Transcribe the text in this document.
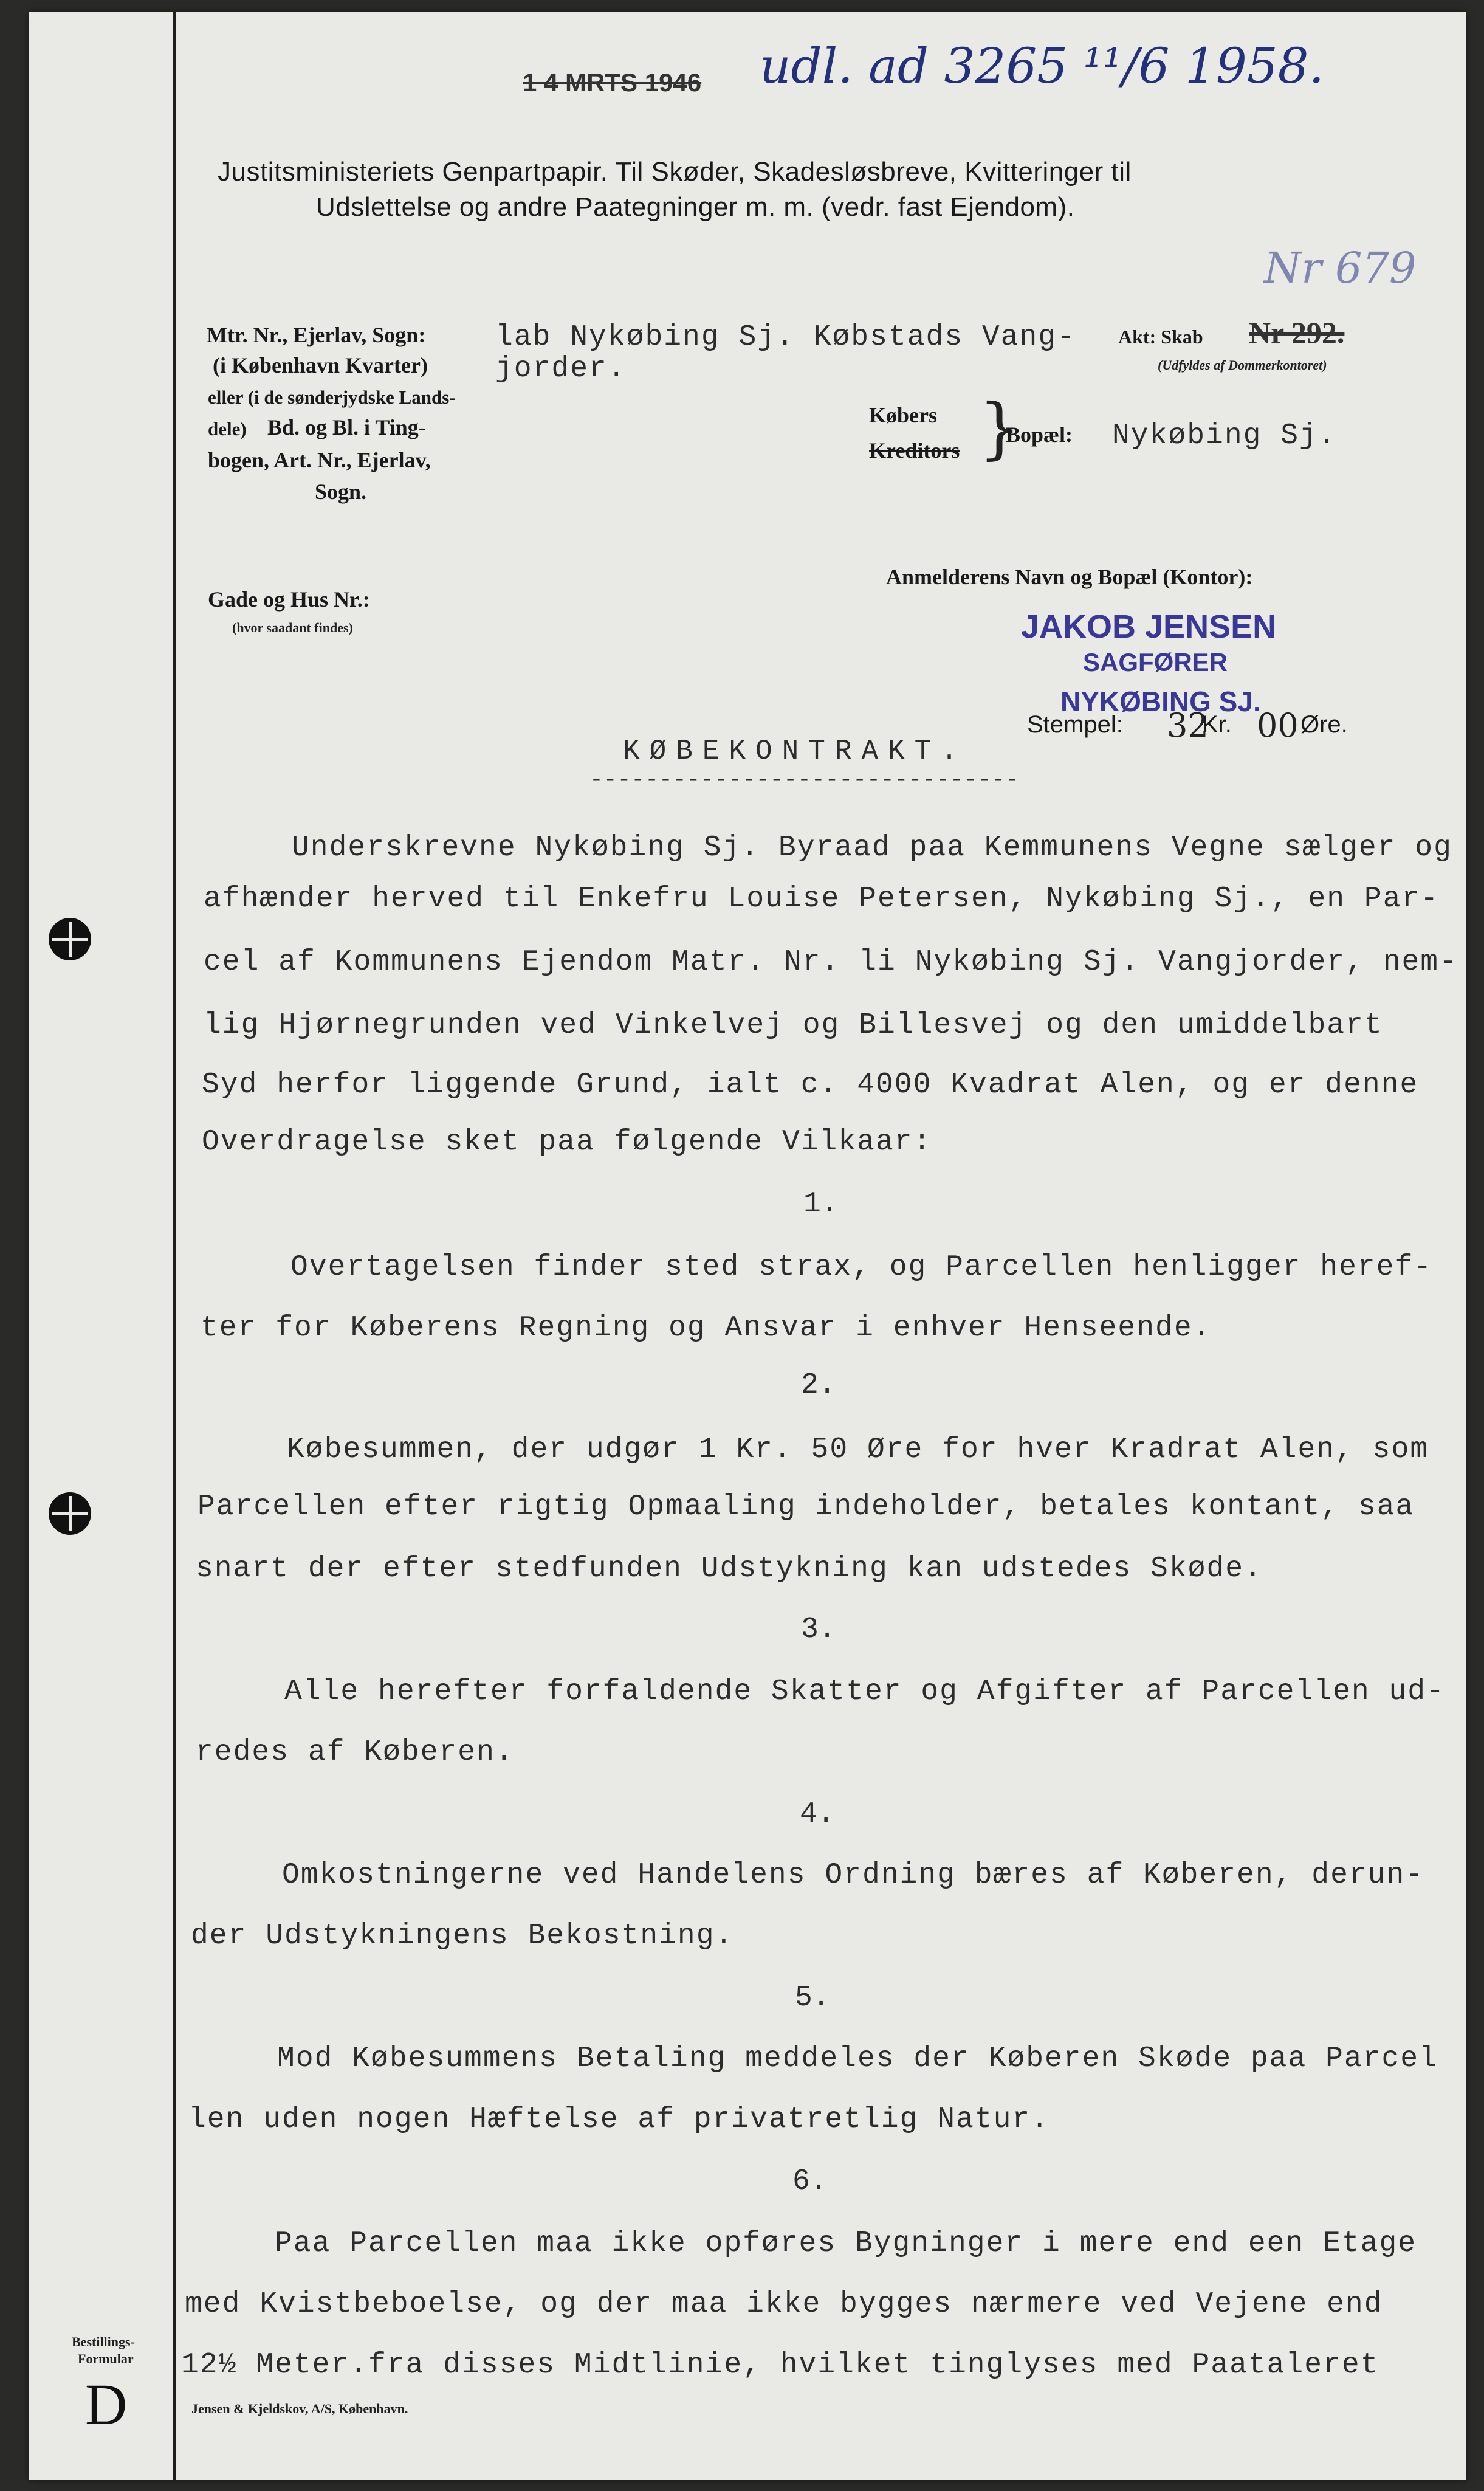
1 4 MRTS 1946 udl. ad 3265 ¹¹/6 1958.
Justitsministeriets Genpartpapir. Til Skøder, Skadesløsbreve, Kvitteringer til
Udslettelse og andre Paategninger m. m. (vedr. fast Ejendom).
Nr 679
Mtr. Nr., Ejerlav, Sogn:
(i København Kvarter)
eller (i de sønderjydske Lands-
dele) Bd. og Bl. i Ting-
bogen, Art. Nr., Ejerlav,
Sogn.
Gade og Hus Nr.:
(hvor saadant findes)
lab Nykøbing Sj. Købstads Vang-
jorder.
Akt: Skab Nr 292.
(Udfyldes af Dommerkontoret)
Købers
Kreditors }
Bopæl: Nykøbing Sj.
Anmelderens Navn og Bopæl (Kontor):
JAKOB JENSEN
SAGFØRER
NYKØBING SJ.
Stempel: 32
Kr. 00 Øre.
KØBEKONTRAKT.
-------------------------------
Underskrevne Nykøbing Sj. Byraad paa Kemmunens Vegne sælger og
afhænder herved til Enkefru Louise Petersen, Nykøbing Sj., en Par-
cel af Kommunens Ejendom Matr. Nr. li Nykøbing Sj. Vangjorder, nem-
lig Hjørnegrunden ved Vinkelvej og Billesvej og den umiddelbart
Syd herfor liggende Grund, ialt c. 4000 Kvadrat Alen, og er denne
Overdragelse sket paa følgende Vilkaar:
1.
Overtagelsen finder sted strax, og Parcellen henligger heref-
ter for Køberens Regning og Ansvar i enhver Henseende.
2.
Købesummen, der udgør 1 Kr. 50 Øre for hver Kradrat Alen, som
Parcellen efter rigtig Opmaaling indeholder, betales kontant, saa
snart der efter stedfunden Udstykning kan udstedes Skøde.
3.
Alle herefter forfaldende Skatter og Afgifter af Parcellen ud-
redes af Køberen.
4.
Omkostningerne ved Handelens Ordning bæres af Køberen, derun-
der Udstykningens Bekostning.
5.
Mod Købesummens Betaling meddeles der Køberen Skøde paa Parcel
len uden nogen Hæftelse af privatretlig Natur.
6.
Paa Parcellen maa ikke opføres Bygninger i mere end een Etage
med Kvistbeboelse, og der maa ikke bygges nærmere ved Vejene end
12½ Meter.fra disses Midtlinie, hvilket tinglyses med Paataleret
Bestillings-
Formular
D	Jensen & Kjeldskov, A/S, København.
